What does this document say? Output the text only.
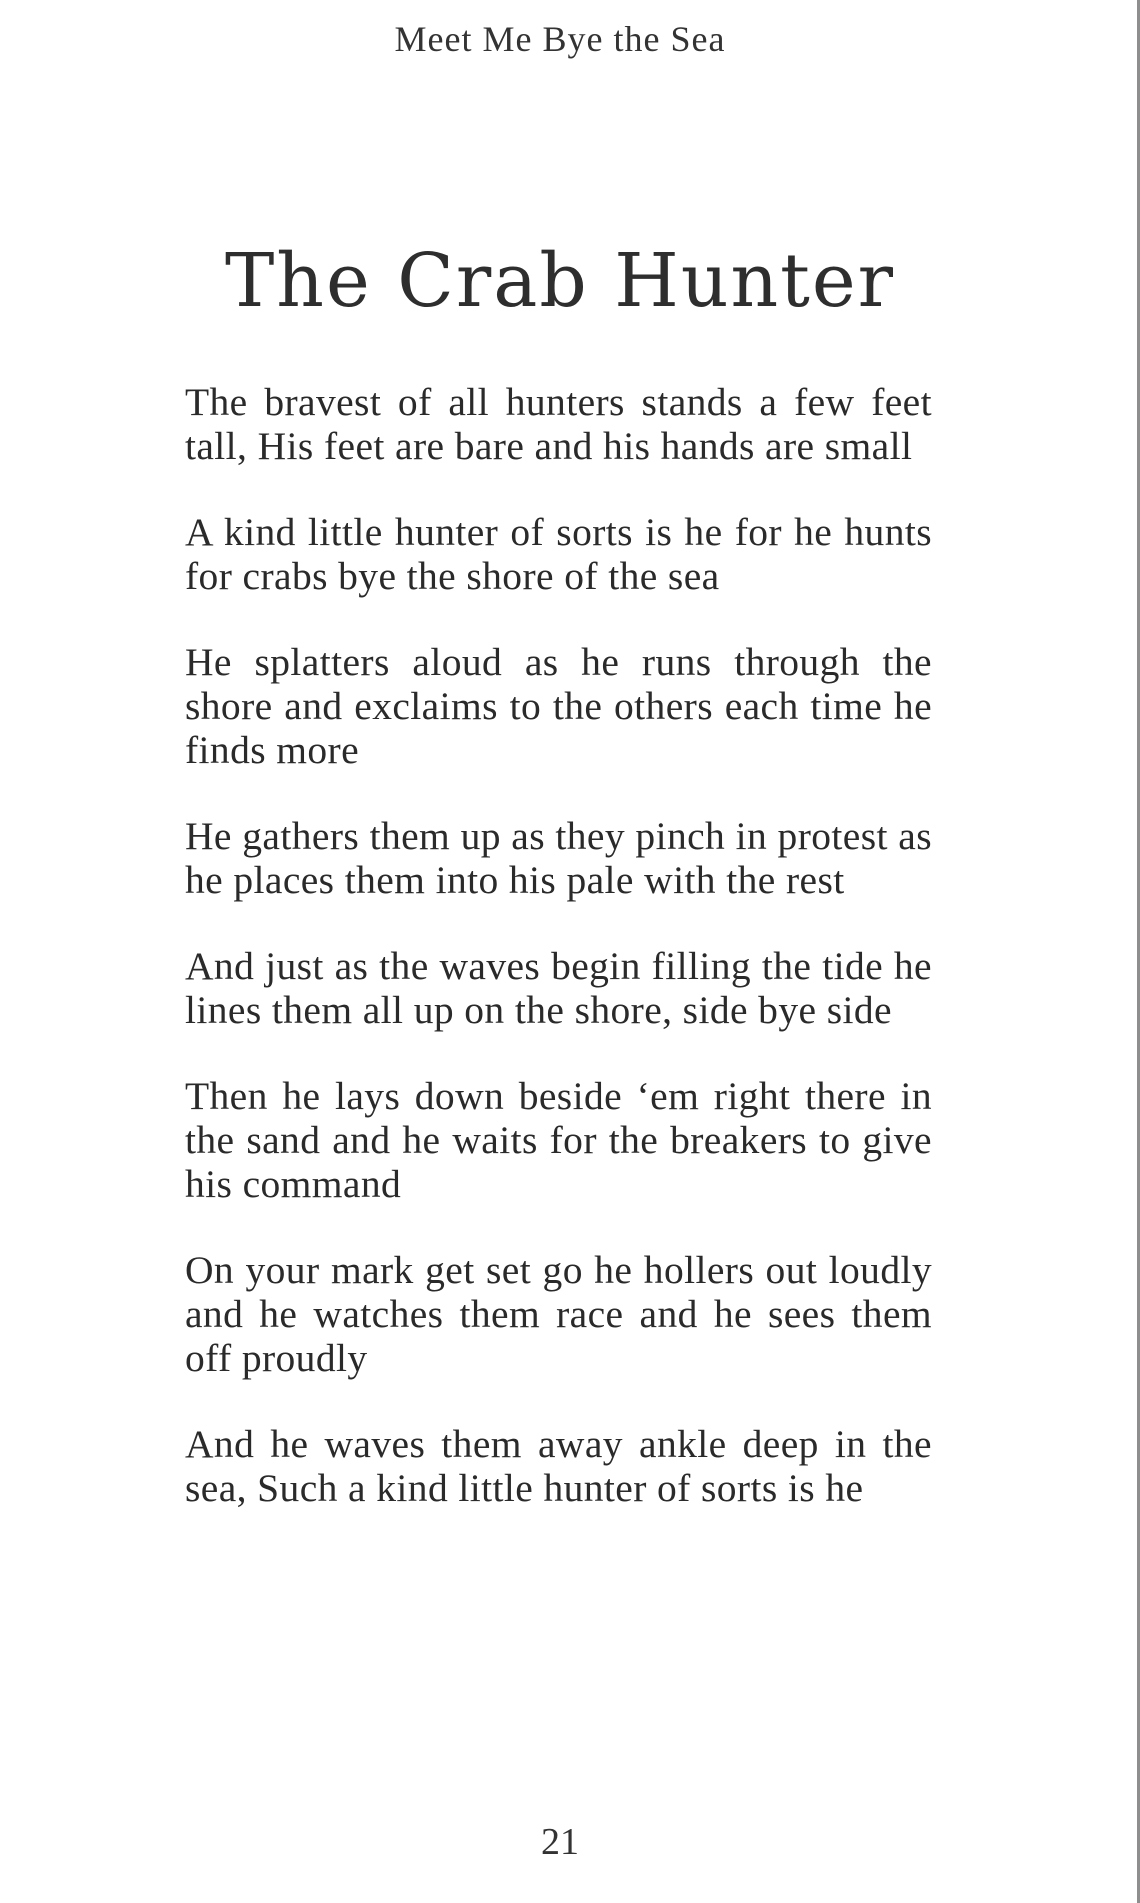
Meet Me Bye the Sea
The Crab Hunter

The bravest of all hunters stands a few feet tall, His feet are bare and his hands are small

A kind little hunter of sorts is he for he hunts for crabs bye the shore of the sea

He splatters aloud as he runs through the shore and exclaims to the others each time he finds more

He gathers them up as they pinch in protest as he places them into his pale with the rest

And just as the waves begin filling the tide he lines them all up on the shore, side bye side

Then he lays down beside ‘em right there in the sand and he waits for the breakers to give his command

On your mark get set go he hollers out loudly and he watches them race and he sees them off proudly

And he waves them away ankle deep in the sea, Such a kind little hunter of sorts is he

21
